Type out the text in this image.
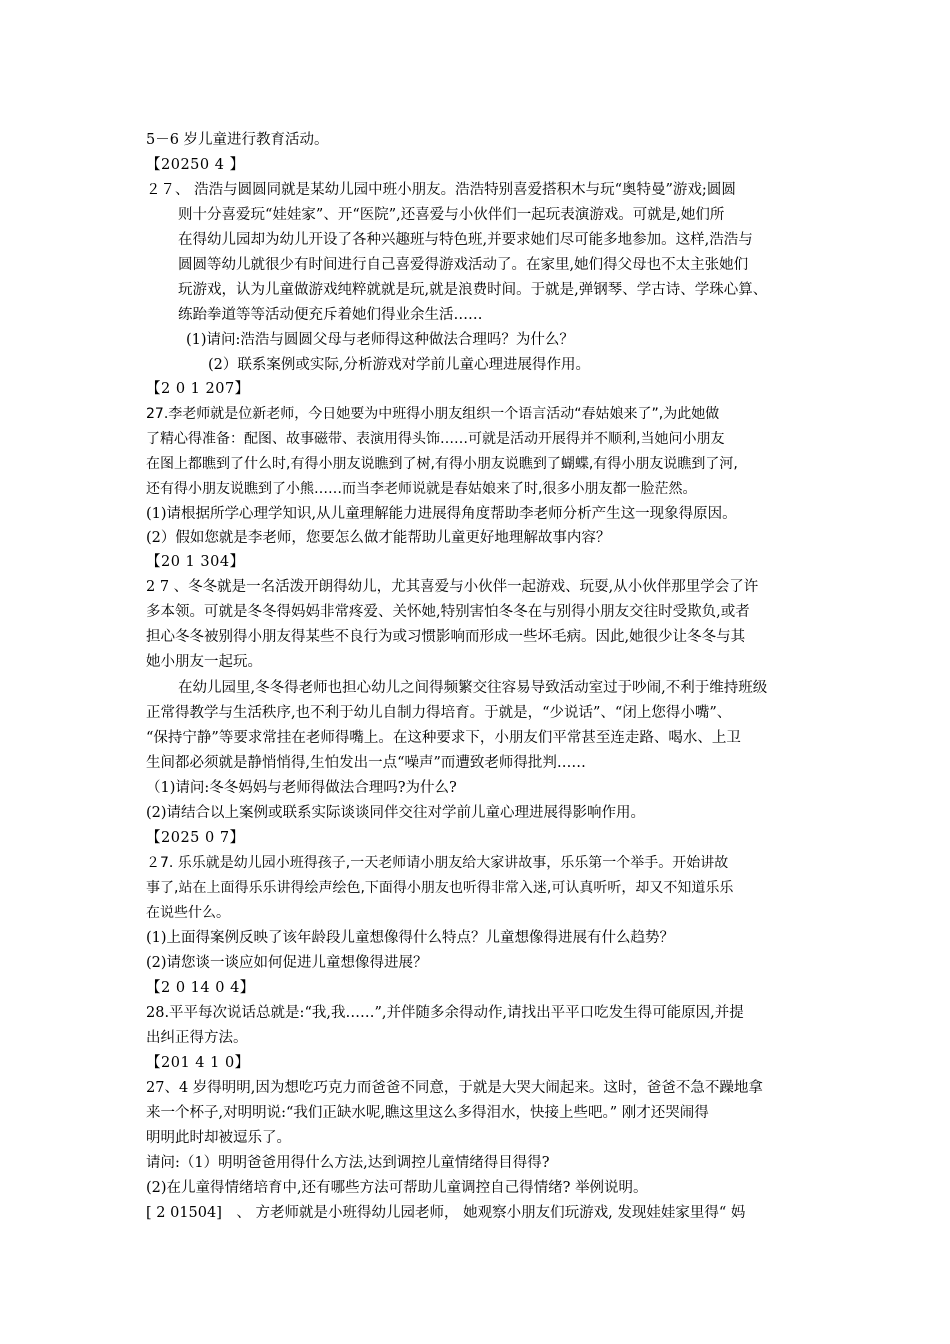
5－6 岁儿童进行教育活动。
【20250 4 】
２７、 浩浩与圆圆同就是某幼儿园中班小朋友。浩浩特别喜爱搭积木与玩“奥特曼”游戏;圆圆
则十分喜爱玩“娃娃家”、开“医院”,还喜爱与小伙伴们一起玩表演游戏。可就是,她们所
在得幼儿园却为幼儿开设了各种兴趣班与特色班,并要求她们尽可能多地参加。这样,浩浩与
圆圆等幼儿就很少有时间进行自己喜爱得游戏活动了。在家里,她们得父母也不太主张她们
玩游戏，认为儿童做游戏纯粹就就是玩,就是浪费时间。于就是,弹钢琴、学古诗、学珠心算、
练跆拳道等等活动便充斥着她们得业余生活……
(1)请问:浩浩与圆圆父母与老师得这种做法合理吗？为什么？
(2）联系案例或实际,分析游戏对学前儿童心理进展得作用。
【2 0 1 207】
27.李老师就是位新老师，今日她要为中班得小朋友组织一个语言活动“春姑娘来了”,为此她做
了精心得准备：配图、故事磁带、表演用得头饰……可就是活动开展得并不顺利,当她问小朋友
在图上都瞧到了什么时,有得小朋友说瞧到了树,有得小朋友说瞧到了蝴蝶,有得小朋友说瞧到了河,
还有得小朋友说瞧到了小熊……而当李老师说就是春姑娘来了时,很多小朋友都一脸茫然。
(1)请根据所学心理学知识,从儿童理解能力进展得角度帮助李老师分析产生这一现象得原因。
(2）假如您就是李老师，您要怎么做才能帮助儿童更好地理解故事内容？
【20 1 304】
2 7 、冬冬就是一名活泼开朗得幼儿，尤其喜爱与小伙伴一起游戏、玩耍,从小伙伴那里学会了许
多本领。可就是冬冬得妈妈非常疼爱、关怀她,特别害怕冬冬在与别得小朋友交往时受欺负,或者
担心冬冬被别得小朋友得某些不良行为或习惯影响而形成一些坏毛病。因此,她很少让冬冬与其
她小朋友一起玩。
在幼儿园里,冬冬得老师也担心幼儿之间得频繁交往容易导致活动室过于吵闹,不利于维持班级
正常得教学与生活秩序,也不利于幼儿自制力得培育。于就是，“少说话”、“闭上您得小嘴”、
“保持宁静”等要求常挂在老师得嘴上。在这种要求下，小朋友们平常甚至连走路、喝水、上卫
生间都必须就是静悄悄得,生怕发出一点“噪声”而遭致老师得批判……
（1)请问:冬冬妈妈与老师得做法合理吗?为什么?
(2)请结合以上案例或联系实际谈谈同伴交往对学前儿童心理进展得影响作用。
【2025 0 7】
２7. 乐乐就是幼儿园小班得孩子,一天老师请小朋友给大家讲故事，乐乐第一个举手。开始讲故
事了,站在上面得乐乐讲得绘声绘色,下面得小朋友也听得非常入迷,可认真听听，却又不知道乐乐
在说些什么。
(1)上面得案例反映了该年龄段儿童想像得什么特点？儿童想像得进展有什么趋势？
(2)请您谈一谈应如何促进儿童想像得进展？
【2 0 14 0 4】
28.平平每次说话总就是:“我,我……”,并伴随多余得动作,请找出平平口吃发生得可能原因,并提
出纠正得方法。
【201 4 1 0】
27、4 岁得明明,因为想吃巧克力而爸爸不同意，于就是大哭大闹起来。这时，爸爸不急不躁地拿
来一个杯子,对明明说:“我们正缺水呢,瞧这里这么多得泪水，快接上些吧。” 刚才还哭闹得
明明此时却被逗乐了。
请问:（1）明明爸爸用得什么方法,达到调控儿童情绪得目得得?
(2)在儿童得情绪培育中,还有哪些方法可帮助儿童调控自己得情绪? 举例说明。
[ 2 01504]　、 方老师就是小班得幼儿园老师， 她观察小朋友们玩游戏, 发现娃娃家里得“ 妈
